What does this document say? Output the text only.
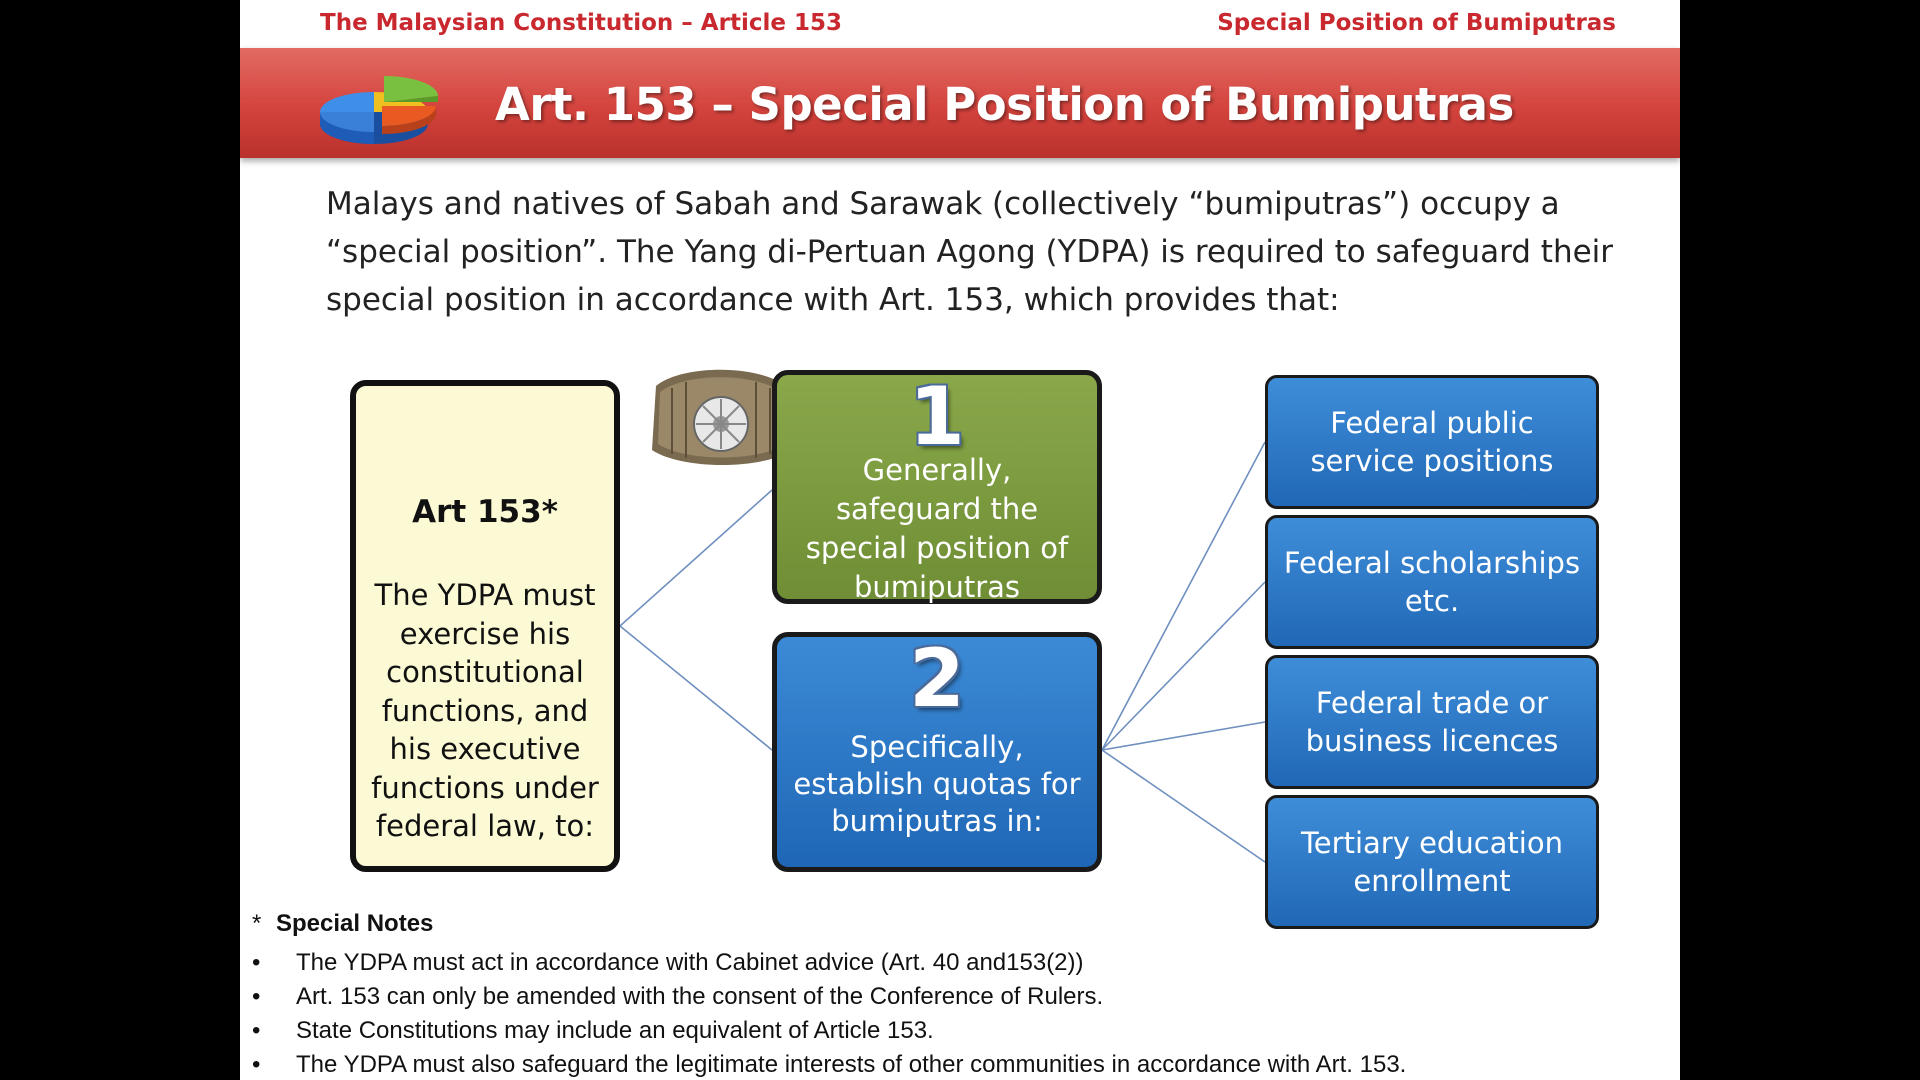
The Malaysian Constitution – Article 153	Special Position of Bumiputras
Art. 153 – Special Position of Bumiputras
Malays and natives of Sabah and Sarawak (collectively “bumiputras”) occupy a “special position”. The Yang di-Pertuan Agong (YDPA) is required to safeguard their special position in accordance with Art. 153, which provides that:
Art 153*
The YDPA must exercise his constitutional functions, and his executive functions under federal law, to:
1
Generally, safeguard the special position of bumiputras
2
Specifically, establish quotas for bumiputras in:
Federal public service positions
Federal scholarships etc.
Federal trade or business licences
Tertiary education enrollment
* Special Notes
•	The YDPA must act in accordance with Cabinet advice (Art. 40 and153(2))
•	Art. 153 can only be amended with the consent of the Conference of Rulers.
•	State Constitutions may include an equivalent of Article 153.
•	The YDPA must also safeguard the legitimate interests of other communities in accordance with Art. 153.
